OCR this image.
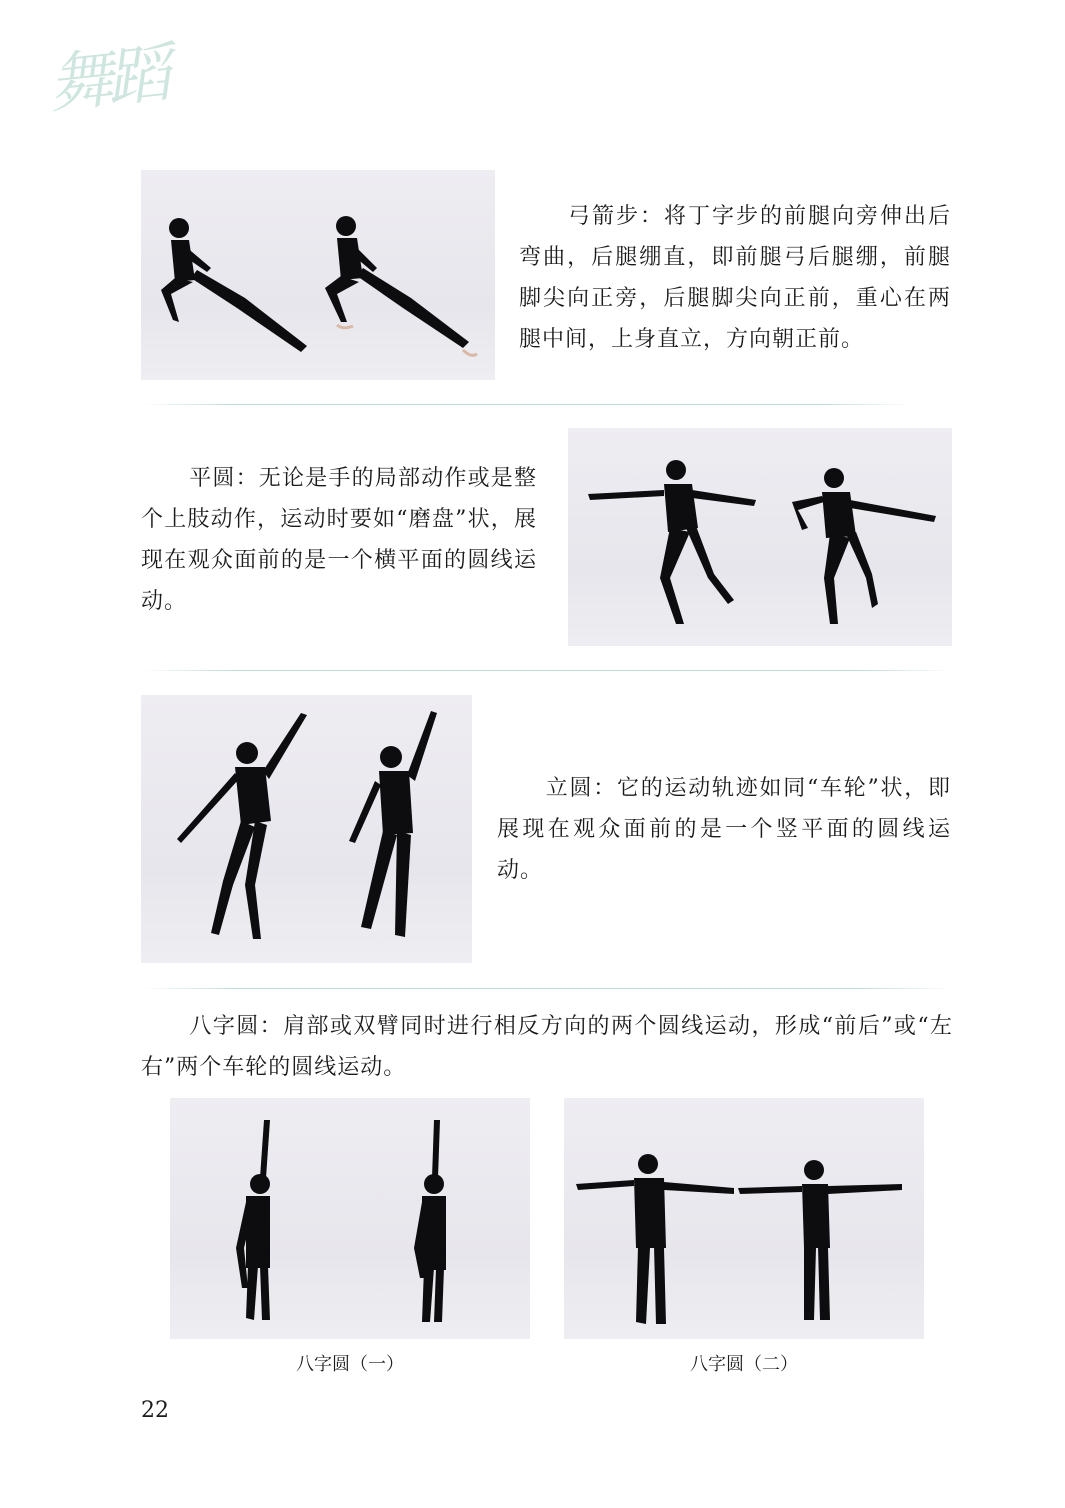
舞蹈
弓箭步：将丁字步的前腿向旁伸出后弯曲，后腿绷直，即前腿弓后腿绷，前腿脚尖向正旁，后腿脚尖向正前，重心在两腿中间，上身直立，方向朝正前。
平圆：无论是手的局部动作或是整个上肢动作，运动时要如“磨盘”状，展现在观众面前的是一个横平面的圆线运动。
立圆：它的运动轨迹如同“车轮”状，即展现在观众面前的是一个竖平面的圆线运动。
八字圆：肩部或双臂同时进行相反方向的两个圆线运动，形成“前后”或“左右”两个车轮的圆线运动。
八字圆（一）	八字圆（二）
22
